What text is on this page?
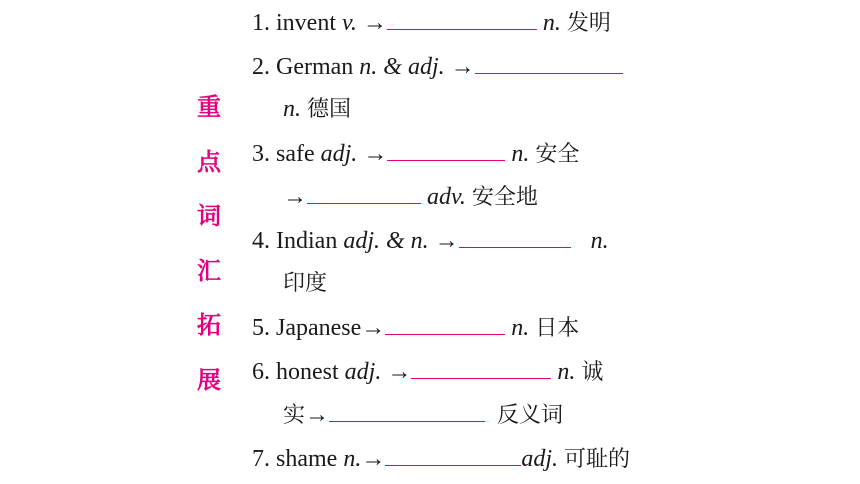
重
点
词
汇
拓
展
1. invent v. →	n. 发明
2. German n. & adj. →
n. 德国
3. safe adj. →	n. 安全
→	adv. 安全地
4. Indian adj. & n. →	n.
印度
5. Japanese→	n. 日本
6. honest adj. →	n. 诚
实→	反义词
7. shame n.→	adj. 可耻的
